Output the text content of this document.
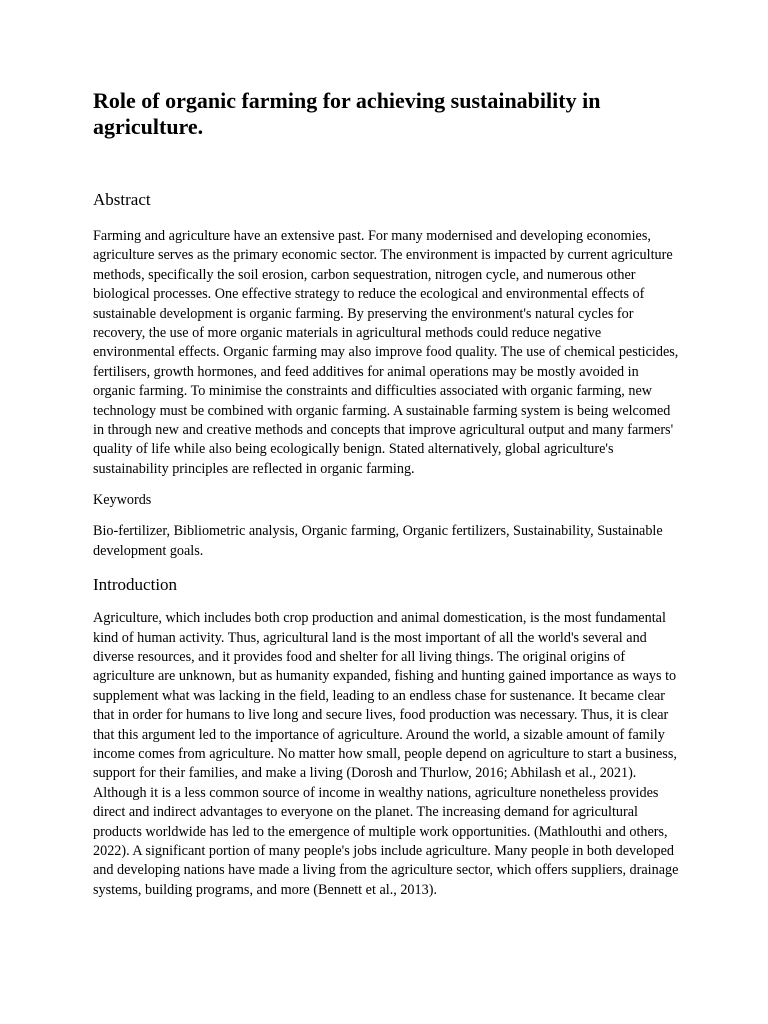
Role of organic farming for achieving sustainability in agriculture.
Abstract

Farming and agriculture have an extensive past. For many modernised and developing economies, agriculture serves as the primary economic sector. The environment is impacted by current agriculture methods, specifically the soil erosion, carbon sequestration, nitrogen cycle, and numerous other biological processes. One effective strategy to reduce the ecological and environmental effects of sustainable development is organic farming. By preserving the environment's natural cycles for recovery, the use of more organic materials in agricultural methods could reduce negative environmental effects. Organic farming may also improve food quality. The use of chemical pesticides, fertilisers, growth hormones, and feed additives for animal operations may be mostly avoided in organic farming. To minimise the constraints and difficulties associated with organic farming, new technology must be combined with organic farming. A sustainable farming system is being welcomed in through new and creative methods and concepts that improve agricultural output and many farmers' quality of life while also being ecologically benign. Stated alternatively, global agriculture's sustainability principles are reflected in organic farming.

Keywords

Bio-fertilizer, Bibliometric analysis, Organic farming, Organic fertilizers, Sustainability, Sustainable development goals.

Introduction

Agriculture, which includes both crop production and animal domestication, is the most fundamental kind of human activity. Thus, agricultural land is the most important of all the world's several and diverse resources, and it provides food and shelter for all living things. The original origins of agriculture are unknown, but as humanity expanded, fishing and hunting gained importance as ways to supplement what was lacking in the field, leading to an endless chase for sustenance. It became clear that in order for humans to live long and secure lives, food production was necessary. Thus, it is clear that this argument led to the importance of agriculture. Around the world, a sizable amount of family income comes from agriculture. No matter how small, people depend on agriculture to start a business, support for their families, and make a living (Dorosh and Thurlow, 2016; Abhilash et al., 2021). Although it is a less common source of income in wealthy nations, agriculture nonetheless provides direct and indirect advantages to everyone on the planet. The increasing demand for agricultural products worldwide has led to the emergence of multiple work opportunities. (Mathlouthi and others, 2022). A significant portion of many people's jobs include agriculture. Many people in both developed and developing nations have made a living from the agriculture sector, which offers suppliers, drainage systems, building programs, and more (Bennett et al., 2013).
